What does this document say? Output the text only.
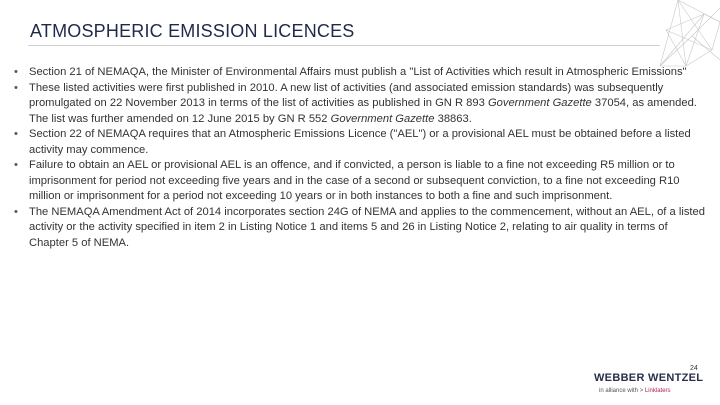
ATMOSPHERIC EMISSION LICENCES
• Section 21 of NEMAQA, the Minister of Environmental Affairs must publish a "List of Activities which result in Atmospheric Emissions"
• These listed activities were first published in 2010. A new list of activities (and associated emission standards) was subsequently promulgated on 22 November 2013 in terms of the list of activities as published in GN R 893 Government Gazette 37054, as amended. The list was further amended on 12 June 2015 by GN R 552 Government Gazette 38863.
• Section 22 of NEMAQA requires that an Atmospheric Emissions Licence ("AEL") or a provisional AEL must be obtained before a listed activity may commence.
• Failure to obtain an AEL or provisional AEL is an offence, and if convicted, a person is liable to a fine not exceeding R5 million or to imprisonment for period not exceeding five years and in the case of a second or subsequent conviction, to a fine not exceeding R10 million or imprisonment for a period not exceeding 10 years or in both instances to both a fine and such imprisonment.
• The NEMAQA Amendment Act of 2014 incorporates section 24G of NEMA and applies to the commencement, without an AEL, of a listed activity or the activity specified in item 2 in Listing Notice 1 and items 5 and 26 in Listing Notice 2, relating to air quality in terms of Chapter 5 of NEMA.
24
WEBBER WENTZEL
in alliance with > Linklaters
